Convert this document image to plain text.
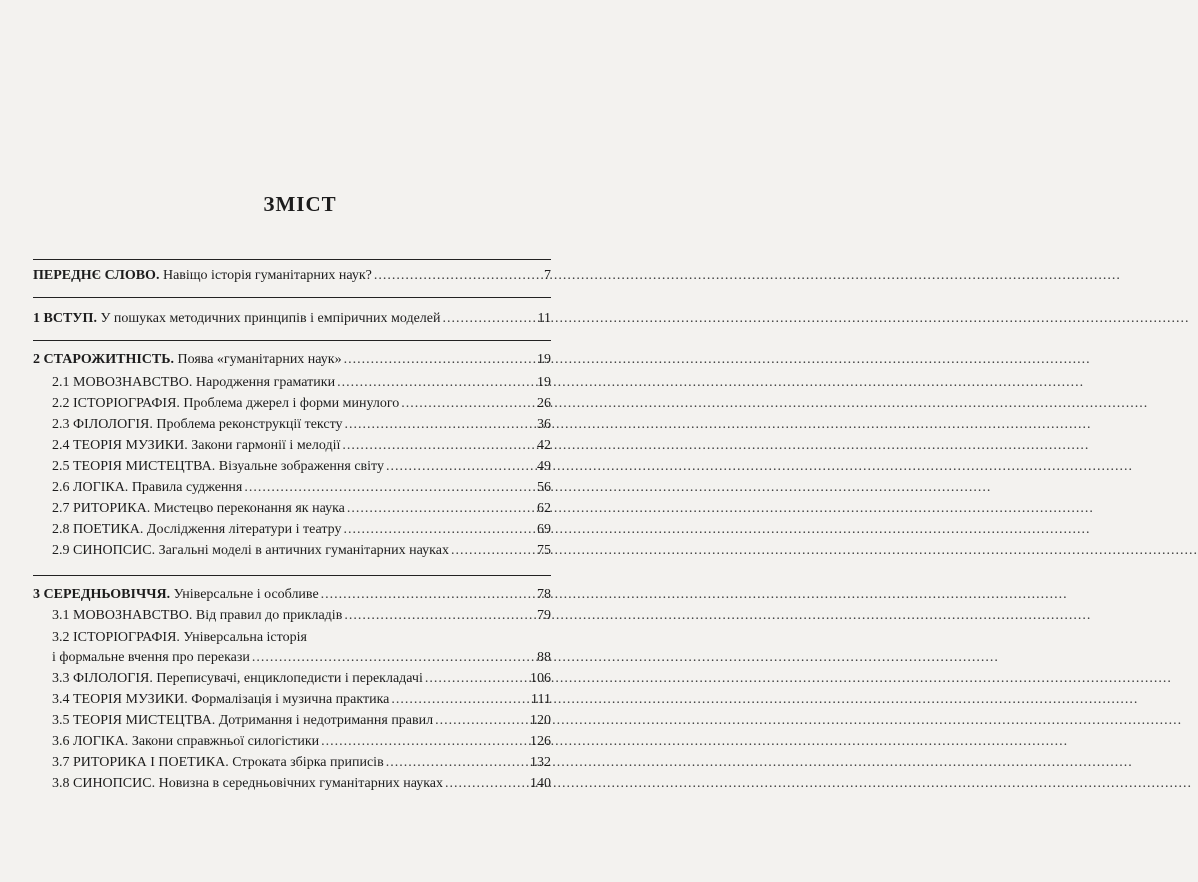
ЗМІСТ
ПЕРЕДНЄ СЛОВО. Навіщо історія гуманітарних наук? .....	7
1 ВСТУП. У пошуках методичних принципів і емпіричних моделей .....	11
2 СТАРОЖИТНІСТЬ. Поява «гуманітарних наук» .....	19
2.1 МОВОЗНАВСТВО. Народження граматики .....	19
2.2 ІСТОРІОГРАФІЯ. Проблема джерел і форми минулого .....	26
2.3 ФІЛОЛОГІЯ. Проблема реконструкції тексту .....	36
2.4 ТЕОРІЯ МУЗИКИ. Закони гармонії і мелодії .....	42
2.5 ТЕОРІЯ МИСТЕЦТВА. Візуальне зображення світу .....	49
2.6 ЛОГІКА. Правила судження .....	56
2.7 РИТОРИКА. Мистецво переконання як наука .....	62
2.8 ПОЕТИКА. Дослідження літератури і театру .....	69
2.9 СИНОПСИС. Загальні моделі в античних гуманітарних науках .....	75
3 СЕРЕДНЬОВІЧЧЯ. Універсальне і особливе .....	78
3.1 МОВОЗНАВСТВО. Від правил до прикладів .....	79
3.2 ІСТОРІОГРАФІЯ. Універсальна історія
і формальне вчення про перекази .....	88
3.3 ФІЛОЛОГІЯ. Переписувачі, енциклопедисти і перекладачі .....	106
3.4 ТЕОРІЯ МУЗИКИ. Формалізація і музична практика .....	111
3.5 ТЕОРІЯ МИСТЕЦТВА. Дотримання і недотримання правил .....	120
3.6 ЛОГІКА. Закони справжньої силогістики .....	126
3.7 РИТОРИКА І ПОЕТИКА. Строката збірка приписів .....	132
3.8 СИНОПСИС. Новизна в середньовічних гуманітарних науках .....	140
